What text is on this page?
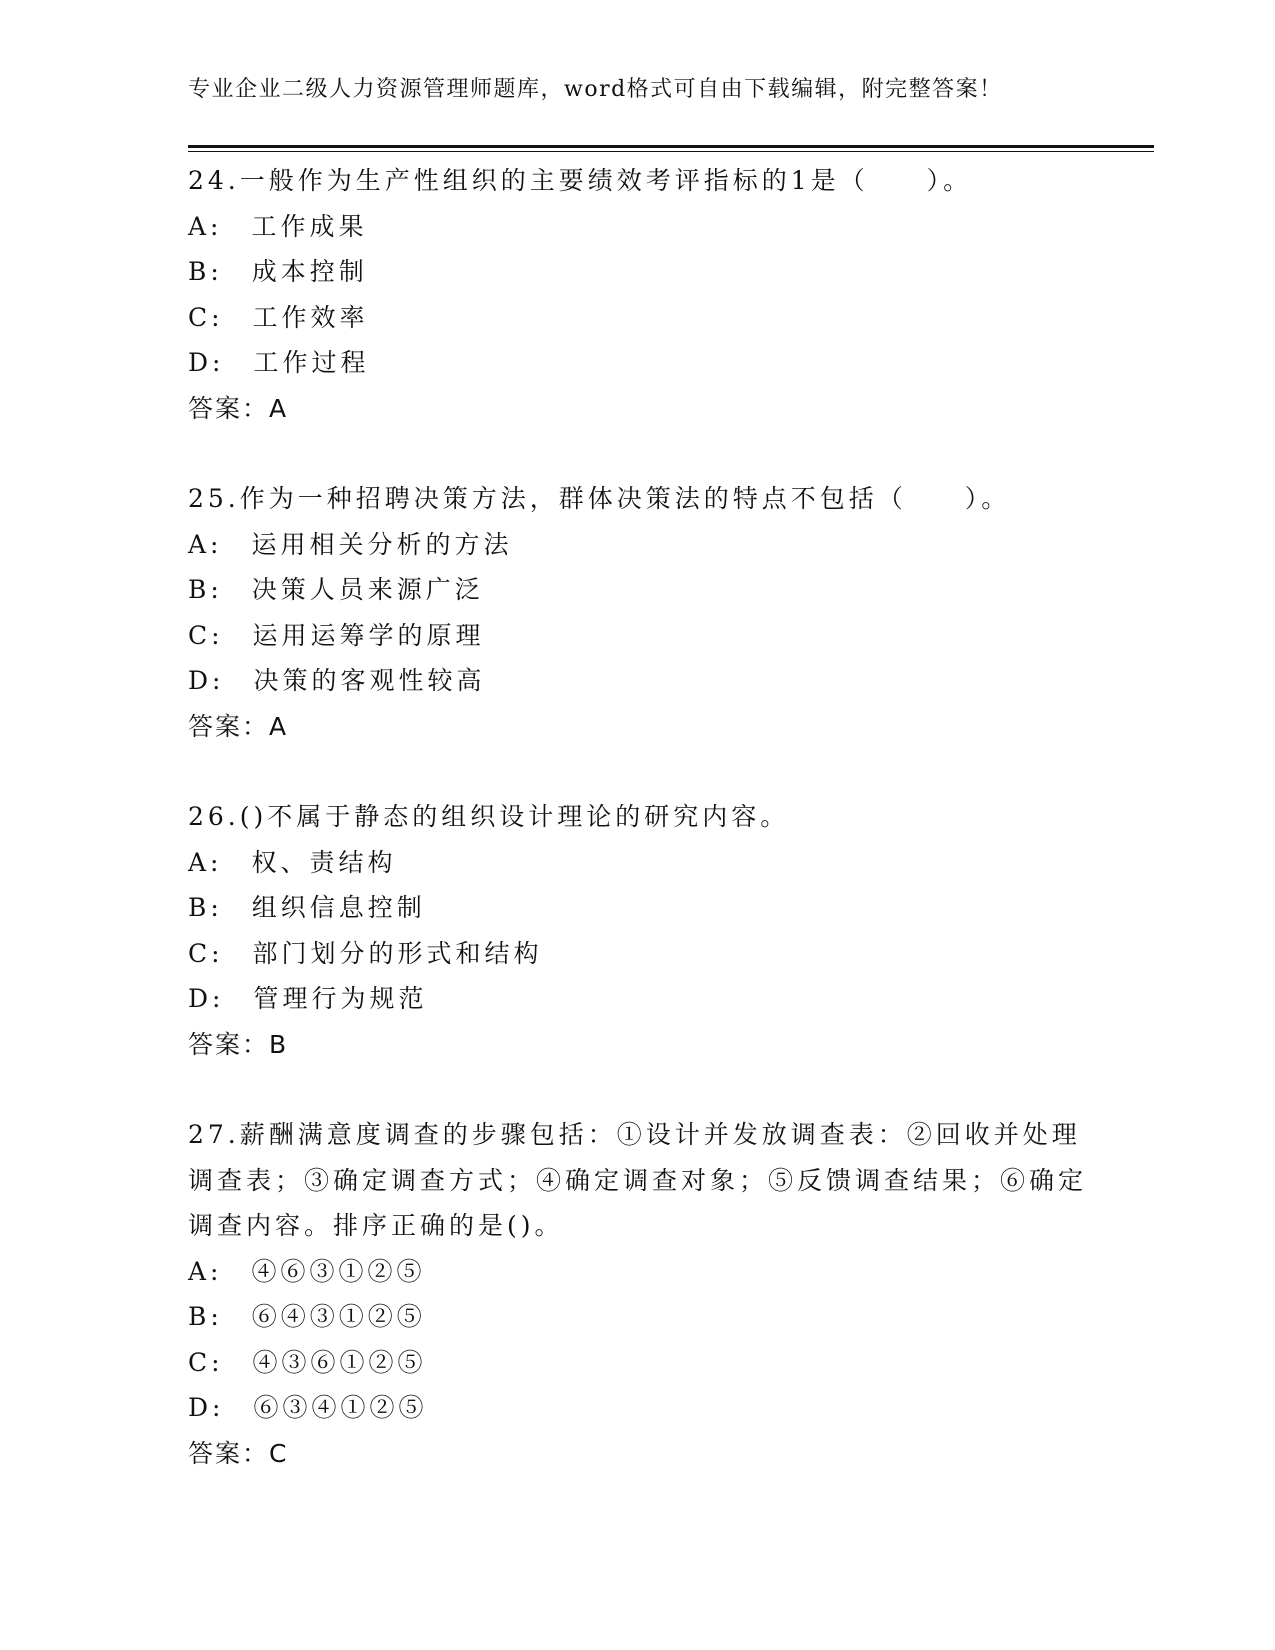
专业企业二级人力资源管理师题库，word格式可自由下载编辑，附完整答案！
24.一般作为生产性组织的主要绩效考评指标的1是（　　）。
A:　工作成果
B:　成本控制
C:　工作效率
D:　工作过程
答案：A
25.作为一种招聘决策方法，群体决策法的特点不包括（　　）。
A:　运用相关分析的方法
B:　决策人员来源广泛
C:　运用运筹学的原理
D:　决策的客观性较高
答案：A
26.()不属于静态的组织设计理论的研究内容。
A:　权、责结构
B:　组织信息控制
C:　部门划分的形式和结构
D:　管理行为规范
答案：B
27.薪酬满意度调查的步骤包括：①设计并发放调查表：②回收并处理调查表；③确定调查方式；④确定调查对象；⑤反馈调查结果；⑥确定调查内容。排序正确的是()。
A:　④⑥③①②⑤
B:　⑥④③①②⑤
C:　④③⑥①②⑤
D:　⑥③④①②⑤
答案：C
